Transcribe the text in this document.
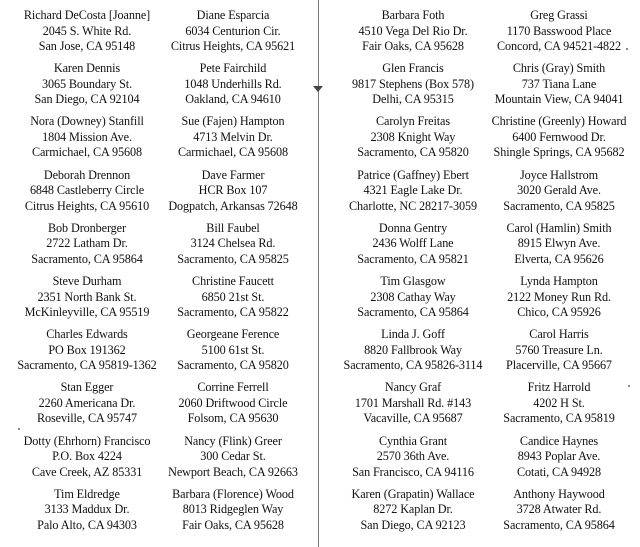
Richard DeCosta [Joanne]
2045 S. White Rd.
San Jose, CA 95148
Karen Dennis
3065 Boundary St.
San Diego, CA 92104
Nora (Downey) Stanfill
1804 Mission Ave.
Carmichael, CA 95608
Deborah Drennon
6848 Castleberry Circle
Citrus Heights, CA 95610
Bob Dronberger
2722 Latham Dr.
Sacramento, CA 95864
Steve Durham
2351 North Bank St.
McKinleyville, CA 95519
Charles Edwards
PO Box 191362
Sacramento, CA 95819-1362
Stan Egger
2260 Americana Dr.
Roseville, CA 95747
Dotty (Ehrhorn) Francisco
P.O. Box 4224
Cave Creek, AZ 85331
Tim Eldredge
3133 Maddux Dr.
Palo Alto, CA 94303
Diane Esparcia
6034 Centurion Cir.
Citrus Heights, CA 95621
Pete Fairchild
1048 Underhills Rd.
Oakland, CA 94610
Sue (Fajen) Hampton
4713 Melvin Dr.
Carmichael, CA 95608
Dave Farmer
HCR Box 107
Dogpatch, Arkansas 72648
Bill Faubel
3124 Chelsea Rd.
Sacramento, CA 95825
Christine Faucett
6850 21st St.
Sacramento, CA 95822
Georgeane Ference
5100 61st St.
Sacramento, CA 95820
Corrine Ferrell
2060 Driftwood Circle
Folsom, CA 95630
Nancy (Flink) Greer
300 Cedar St.
Newport Beach, CA 92663
Barbara (Florence) Wood
8013 Ridgeglen Way
Fair Oaks, CA 95628
Barbara Foth
4510 Vega Del Rio Dr.
Fair Oaks, CA 95628
Glen Francis
9817 Stephens (Box 578)
Delhi, CA 95315
Carolyn Freitas
2308 Knight Way
Sacramento, CA 95820
Patrice (Gaffney) Ebert
4321 Eagle Lake Dr.
Charlotte, NC 28217-3059
Donna Gentry
2436 Wolff Lane
Sacramento, CA 95821
Tim Glasgow
2308 Cathay Way
Sacramento, CA 95864
Linda J. Goff
8820 Fallbrook Way
Sacramento, CA 95826-3114
Nancy Graf
1701 Marshall Rd. #143
Vacaville, CA 95687
Cynthia Grant
2570 36th Ave.
San Francisco, CA 94116
Karen (Grapatin) Wallace
8272 Kaplan Dr.
San Diego, CA 92123
Greg Grassi
1170 Basswood Place
Concord, CA 94521-4822
Chris (Gray) Smith
737 Tiana Lane
Mountain View, CA 94041
Christine (Greenly) Howard
6400 Fernwood Dr.
Shingle Springs, CA 95682
Joyce Hallstrom
3020 Gerald Ave.
Sacramento, CA 95825
Carol (Hamlin) Smith
8915 Elwyn Ave.
Elverta, CA 95626
Lynda Hampton
2122 Money Run Rd.
Chico, CA 95926
Carol Harris
5760 Treasure Ln.
Placerville, CA 95667
Fritz Harrold
4202 H St.
Sacramento, CA 95819
Candice Haynes
8943 Poplar Ave.
Cotati, CA 94928
Anthony Haywood
3728 Atwater Rd.
Sacramento, CA 95864
